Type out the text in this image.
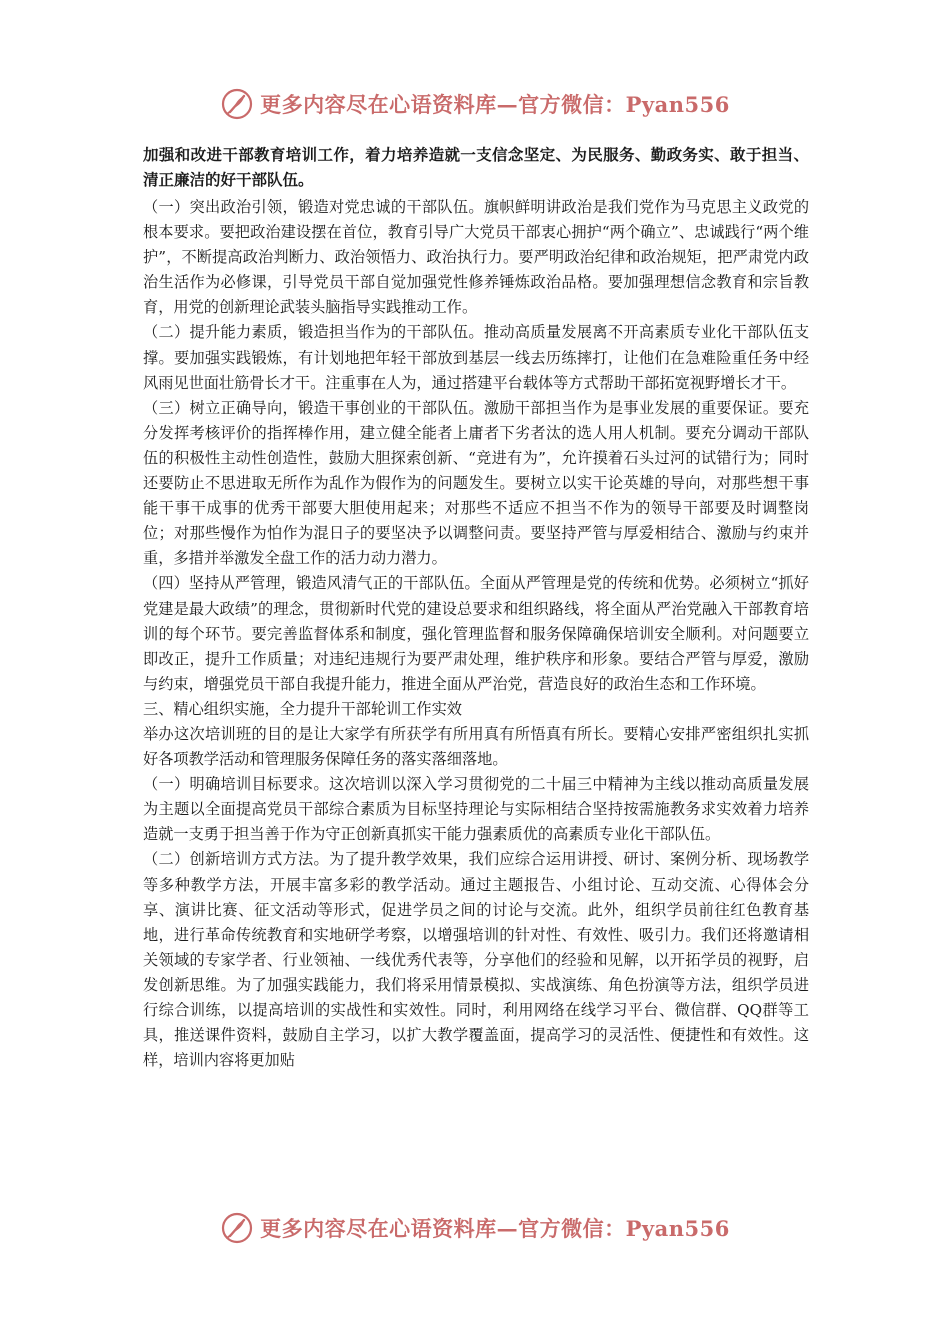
更多内容尽在心语资料库—官方微信：Pyan556

加强和改进干部教育培训工作，着力培养造就一支信念坚定、为民服务、勤政务实、敢于担当、清正廉洁的好干部队伍。

（一）突出政治引领，锻造对党忠诚的干部队伍。旗帜鲜明讲政治是我们党作为马克思主义政党的根本要求。要把政治建设摆在首位，教育引导广大党员干部衷心拥护“两个确立”、忠诚践行“两个维护”，不断提高政治判断力、政治领悟力、政治执行力。要严明政治纪律和政治规矩，把严肃党内政治生活作为必修课，引导党员干部自觉加强党性修养锤炼政治品格。要加强理想信念教育和宗旨教育，用党的创新理论武装头脑指导实践推动工作。

（二）提升能力素质，锻造担当作为的干部队伍。推动高质量发展离不开高素质专业化干部队伍支撑。要加强实践锻炼，有计划地把年轻干部放到基层一线去历练摔打，让他们在急难险重任务中经风雨见世面壮筋骨长才干。注重事在人为，通过搭建平台载体等方式帮助干部拓宽视野增长才干。

（三）树立正确导向，锻造干事创业的干部队伍。激励干部担当作为是事业发展的重要保证。要充分发挥考核评价的指挥棒作用，建立健全能者上庸者下劣者汰的选人用人机制。要充分调动干部队伍的积极性主动性创造性，鼓励大胆探索创新、“竞进有为”，允许摸着石头过河的试错行为；同时还要防止不思进取无所作为乱作为假作为的问题发生。要树立以实干论英雄的导向，对那些想干事能干事干成事的优秀干部要大胆使用起来；对那些不适应不担当不作为的领导干部要及时调整岗位；对那些慢作为怕作为混日子的要坚决予以调整问责。要坚持严管与厚爱相结合、激励与约束并重，多措并举激发全盘工作的活力动力潜力。

（四）坚持从严管理，锻造风清气正的干部队伍。全面从严管理是党的传统和优势。必须树立“抓好党建是最大政绩”的理念，贯彻新时代党的建设总要求和组织路线，将全面从严治党融入干部教育培训的每个环节。要完善监督体系和制度，强化管理监督和服务保障确保培训安全顺利。对问题要立即改正，提升工作质量；对违纪违规行为要严肃处理，维护秩序和形象。要结合严管与厚爱，激励与约束，增强党员干部自我提升能力，推进全面从严治党，营造良好的政治生态和工作环境。

三、精心组织实施，全力提升干部轮训工作实效

举办这次培训班的目的是让大家学有所获学有所用真有所悟真有所长。要精心安排严密组织扎实抓好各项教学活动和管理服务保障任务的落实落细落地。

（一）明确培训目标要求。这次培训以深入学习贯彻党的二十届三中精神为主线以推动高质量发展为主题以全面提高党员干部综合素质为目标坚持理论与实际相结合坚持按需施教务求实效着力培养造就一支勇于担当善于作为守正创新真抓实干能力强素质优的高素质专业化干部队伍。

（二）创新培训方式方法。为了提升教学效果，我们应综合运用讲授、研讨、案例分析、现场教学等多种教学方法，开展丰富多彩的教学活动。通过主题报告、小组讨论、互动交流、心得体会分享、演讲比赛、征文活动等形式，促进学员之间的讨论与交流。此外，组织学员前往红色教育基地，进行革命传统教育和实地研学考察，以增强培训的针对性、有效性、吸引力。我们还将邀请相关领域的专家学者、行业领袖、一线优秀代表等，分享他们的经验和见解，以开拓学员的视野，启发创新思维。为了加强实践能力，我们将采用情景模拟、实战演练、角色扮演等方法，组织学员进行综合训练，以提高培训的实战性和实效性。同时，利用网络在线学习平台、微信群、QQ群等工具，推送课件资料，鼓励自主学习，以扩大教学覆盖面，提高学习的灵活性、便捷性和有效性。这样，培训内容将更加贴

更多内容尽在心语资料库—官方微信：Pyan556
